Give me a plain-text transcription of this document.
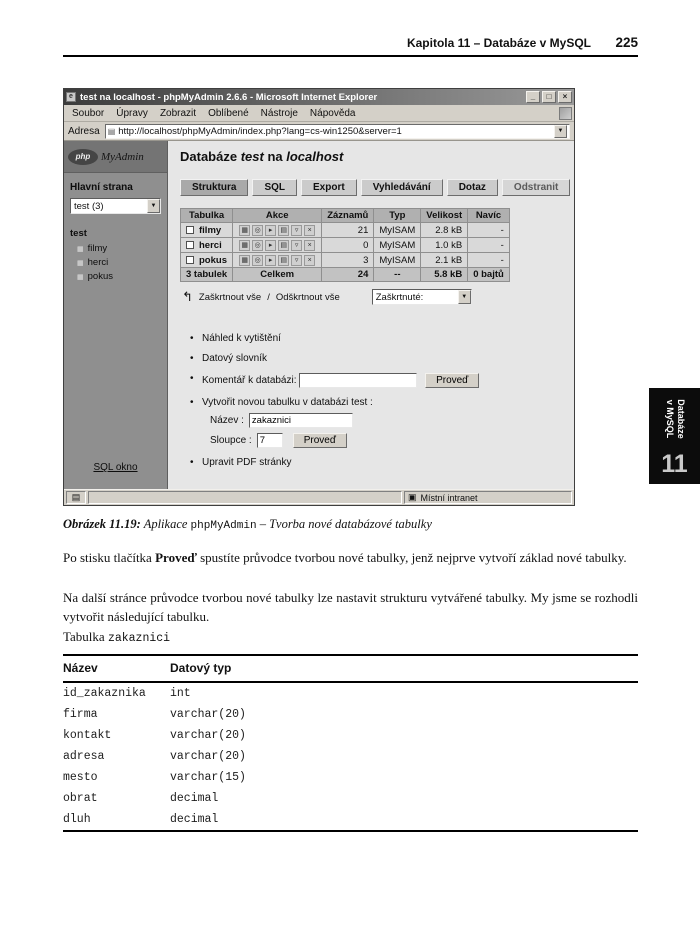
Kapitola 11 – Databáze v MySQL 225
e test na localhost - phpMyAdmin 2.6.6 - Microsoft Internet Explorer	_	□	×
Soubor	Úpravy	Zobrazit	Oblíbené	Nástroje	Nápověda
Adresa ▤ http://localhost/phpMyAdmin/index.php?lang=cs-win1250&server=1	▼
php MyAdmin
Hlavní strana
test (3)	▼
test
▦ filmy
▦ herci
▦ pokus
SQL okno
Databáze test na localhost
Struktura	SQL	Export	Vyhledávání	Dotaz	Odstranit
Tabulka	Akce	Záznamů	Typ	Velikost	Navíc
filmy	▦ ◎ ▸ ▤ ▿ ×	21	MyISAM	2.8 kB	-
herci	▦ ◎ ▸ ▤ ▿ ×	0	MyISAM	1.0 kB	-
pokus	▦ ◎ ▸ ▤ ▿ ×	3	MyISAM	2.1 kB	-
3 tabulek	Celkem	24	--	5.8 kB	0 bajtů
↰ Zaškrtnout vše / Odškrtnout vše	Zaškrtnuté:	▼
• Náhled k vytištění
• Datový slovník
• Komentář k databázi:	Proveď
• Vytvořit novou tabulku v databázi test :
Název :
zakaznici
Sloupce :
7	Proveď
• Upravit PDF stránky
▤	▣ Místní intranet
Databáze
v MySQL
11

Obrázek 11.19: Aplikace phpMyAdmin – Tvorba nové databázové tabulky

Po stisku tlačítka Proveď spustíte průvodce tvorbou nové tabulky, jenž nejprve vytvoří základ nové tabulky.

Na další stránce průvodce tvorbou nové tabulky lze nastavit strukturu vytvářené tabulky. My jsme se rozhodli vytvořit následující tabulku.

Tabulka zakaznici

Název	Datový typ
id_zakaznika	int
firma	varchar(20)
kontakt	varchar(20)
adresa	varchar(20)
mesto	varchar(15)
obrat	decimal
dluh	decimal
